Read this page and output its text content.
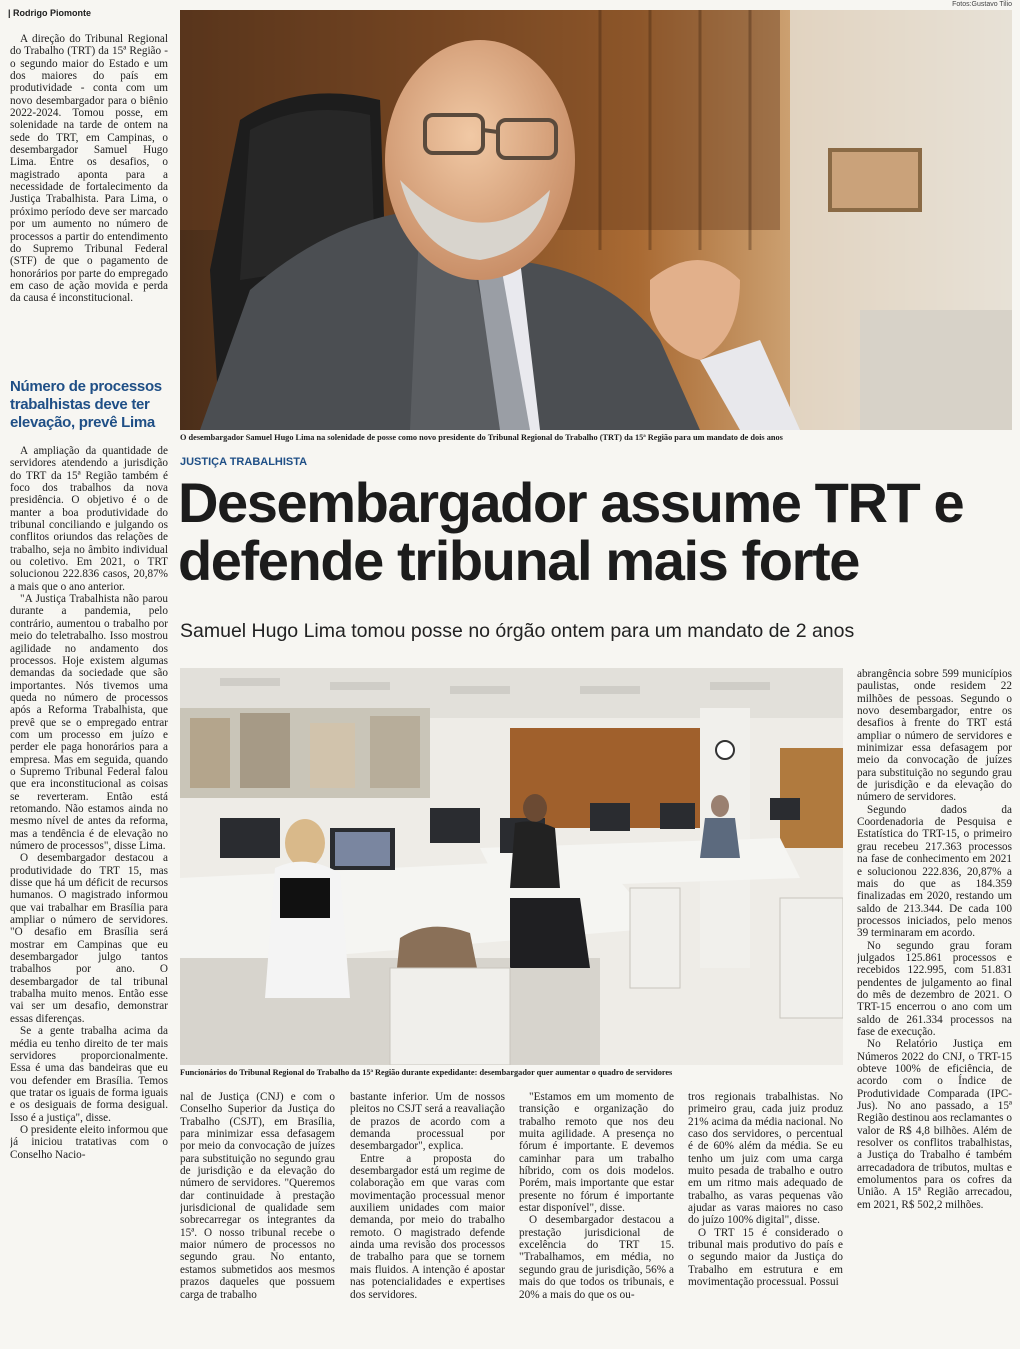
| Rodrigo Piomonte
Fotos:Gustavo Tilio

A direção do Tribunal Regional do Trabalho (TRT) da 15ª Região - o segundo maior do Estado e um dos maiores do país em produtividade - conta com um novo desembargador para o biênio 2022-2024. Tomou posse, em solenidade na tarde de ontem na sede do TRT, em Campinas, o desembargador Samuel Hugo Lima. Entre os desafios, o magistrado aponta para a necessidade de fortalecimento da Justiça Trabalhista. Para Lima, o próximo período deve ser marcado por um aumento no número de processos a partir do entendimento do Supremo Tribunal Federal (STF) de que o pagamento de honorários por parte do empregado em caso de ação movida e perda da causa é inconstitucional.

Número de processos trabalhistas deve ter elevação, prevê Lima

A ampliação da quantidade de servidores atendendo a jurisdição do TRT da 15ª Região também é foco dos trabalhos da nova presidência. O objetivo é o de manter a boa produtividade do tribunal conciliando e julgando os conflitos oriundos das relações de trabalho, seja no âmbito individual ou coletivo. Em 2021, o TRT solucionou 222.836 casos, 20,87% a mais que o ano anterior.

"A Justiça Trabalhista não parou durante a pandemia, pelo contrário, aumentou o trabalho por meio do teletrabalho. Isso mostrou agilidade no andamento dos processos. Hoje existem algumas demandas da sociedade que são importantes. Nós tivemos uma queda no número de processos após a Reforma Trabalhista, que prevê que se o empregado entrar com um processo em juízo e perder ele paga honorários para a empresa. Mas em seguida, quando o Supremo Tribunal Federal falou que era inconstitucional as coisas se reverteram. Então está retomando. Não estamos ainda no mesmo nível de antes da reforma, mas a tendência é de elevação no número de processos", disse Lima.

O desembargador destacou a produtividade do TRT 15, mas disse que há um déficit de recursos humanos. O magistrado informou que vai trabalhar em Brasília para ampliar o número de servidores. "O desafio em Brasília será mostrar em Campinas que eu desembargador julgo tantos trabalhos por ano. O desembargador de tal tribunal trabalha muito menos. Então esse vai ser um desafio, demonstrar essas diferenças.

Se a gente trabalha acima da média eu tenho direito de ter mais servidores proporcionalmente. Essa é uma das bandeiras que eu vou defender em Brasília. Temos que tratar os iguais de forma iguais e os desiguais de forma desigual. Isso é a justiça", disse.

O presidente eleito informou que já iniciou tratativas com o Conselho Nacio-

O desembargador Samuel Hugo Lima na solenidade de posse como novo presidente do Tribunal Regional do Trabalho (TRT) da 15ª Região para um mandato de dois anos
JUSTIÇA TRABALHISTA
Desembargador assume TRT e defende tribunal mais forte
Samuel Hugo Lima tomou posse no órgão ontem para um mandato de 2 anos
Funcionários do Tribunal Regional do Trabalho da 15ª Região durante expedidante: desembargador quer aumentar o quadro de servidores

abrangência sobre 599 municípios paulistas, onde residem 22 milhões de pessoas. Segundo o novo desembargador, entre os desafios à frente do TRT está ampliar o número de servidores e minimizar essa defasagem por meio da convocação de juízes para substituição no segundo grau de jurisdição e da elevação do número de servidores.

Segundo dados da Coordenadoria de Pesquisa e Estatística do TRT-15, o primeiro grau recebeu 217.363 processos na fase de conhecimento em 2021 e solucionou 222.836, 20,87% a mais do que as 184.359 finalizadas em 2020, restando um saldo de 213.344. De cada 100 processos iniciados, pelo menos 39 terminaram em acordo.

No segundo grau foram julgados 125.861 processos e recebidos 122.995, com 51.831 pendentes de julgamento ao final do mês de dezembro de 2021. O TRT-15 encerrou o ano com um saldo de 261.334 processos na fase de execução.

No Relatório Justiça em Números 2022 do CNJ, o TRT-15 obteve 100% de eficiência, de acordo com o Índice de Produtividade Comparada (IPC-Jus). No ano passado, a 15ª Região destinou aos reclamantes o valor de R$ 4,8 bilhões. Além de resolver os conflitos trabalhistas, a Justiça do Trabalho é também arrecadadora de tributos, multas e emolumentos para os cofres da União. A 15ª Região arrecadou, em 2021, R$ 502,2 milhões.

nal de Justiça (CNJ) e com o Conselho Superior da Justiça do Trabalho (CSJT), em Brasília, para minimizar essa defasagem por meio da convocação de juízes para substituição no segundo grau de jurisdição e da elevação do número de servidores. "Queremos dar continuidade à prestação jurisdicional de qualidade sem sobrecarregar os integrantes da 15ª. O nosso tribunal recebe o maior número de processos no segundo grau. No entanto, estamos submetidos aos mesmos prazos daqueles que possuem carga de trabalho

bastante inferior. Um de nossos pleitos no CSJT será a reavaliação de prazos de acordo com a demanda processual por desembargador", explica.

Entre a proposta do desembargador está um regime de colaboração em que varas com movimentação processual menor auxiliem unidades com maior demanda, por meio do trabalho remoto. O magistrado defende ainda uma revisão dos processos de trabalho para que se tornem mais fluidos. A intenção é apostar nas potencialidades e expertises dos servidores.

"Estamos em um momento de transição e organização do trabalho remoto que nos deu muita agilidade. A presença no fórum é importante. E devemos caminhar para um trabalho híbrido, com os dois modelos. Porém, mais importante que estar presente no fórum é importante estar disponível", disse.

O desembargador destacou a prestação jurisdicional de excelência do TRT 15. "Trabalhamos, em média, no segundo grau de jurisdição, 56% a mais do que todos os tribunais, e 20% a mais do que os ou-

tros regionais trabalhistas. No primeiro grau, cada juiz produz 21% acima da média nacional. No caso dos servidores, o percentual é de 60% além da média. Se eu tenho um juiz com uma carga muito pesada de trabalho e outro em um ritmo mais adequado de trabalho, as varas pequenas vão ajudar as varas maiores no caso do juízo 100% digital", disse.

O TRT 15 é considerado o tribunal mais produtivo do país e o segundo maior da Justiça do Trabalho em estrutura e em movimentação processual. Possui
